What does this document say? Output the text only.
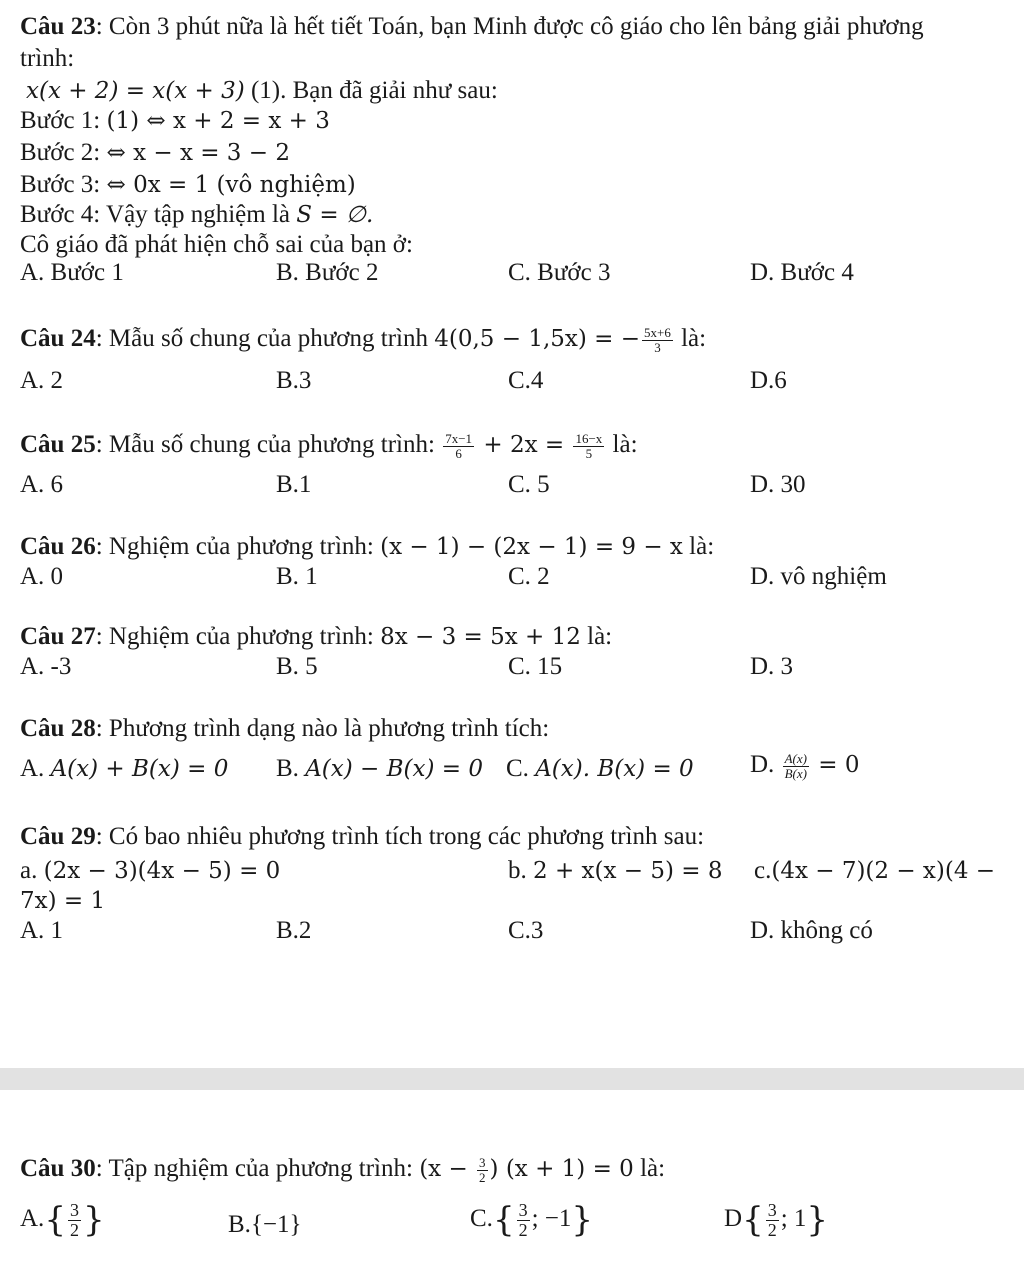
Câu 23: Còn 3 phút nữa là hết tiết Toán, bạn Minh được cô giáo cho lên bảng giải phương
trình:
x(x + 2) = x(x + 3) (1). Bạn đã giải như sau:
Bước 1: (1) ⇔ x + 2 = x + 3
Bước 2: ⇔ x − x = 3 − 2
Bước 3: ⇔ 0x = 1 (vô nghiệm)
Bước 4: Vậy tập nghiệm là S = ∅.
Cô giáo đã phát hiện chỗ sai của bạn ở:
A. Bước 1	B. Bước 2	C. Bước 3	D. Bước 4
Câu 24: Mẫu số chung của phương trình 4(0,5 − 1,5x) = − $\frac{5x+6}{3}$ là:
A. 2	B.3	C.4	D.6
Câu 25: Mẫu số chung của phương trình: $\frac{7x-1}{6} + 2x = \frac{16-x}{5}$ là:
A. 6	B.1	C. 5	D. 30
Câu 26: Nghiệm của phương trình: (x − 1) − (2x − 1) = 9 − x là:
A. 0	B. 1	C. 2	D. vô nghiệm
Câu 27: Nghiệm của phương trình: 8x − 3 = 5x + 12 là:
A. -3	B. 5	C. 15	D. 3
Câu 28: Phương trình dạng nào là phương trình tích:
A. A(x) + B(x) = 0 B. A(x) − B(x) = 0 C. A(x). B(x) = 0 D. $\frac{A(x)}{B(x)} = 0$
Câu 29: Có bao nhiêu phương trình tích trong các phương trình sau:
a. (2x − 3)(4x − 5) = 0	b. 2 + x(x − 5) = 8 c.(4x − 7)(2 − x)(4 −
7x) = 1
A. 1	B.2	C.3	D. không có
Câu 30: Tập nghiệm của phương trình: ($x - \frac{3}{2}$ ) (x + 1) = 0 là:
$A.\{ \frac{3}{2}$ }	B.{−1}	$C.\{ \frac{3}{2}$ ; −1}	$D\{ \frac{3}{2}$ ; 1}
